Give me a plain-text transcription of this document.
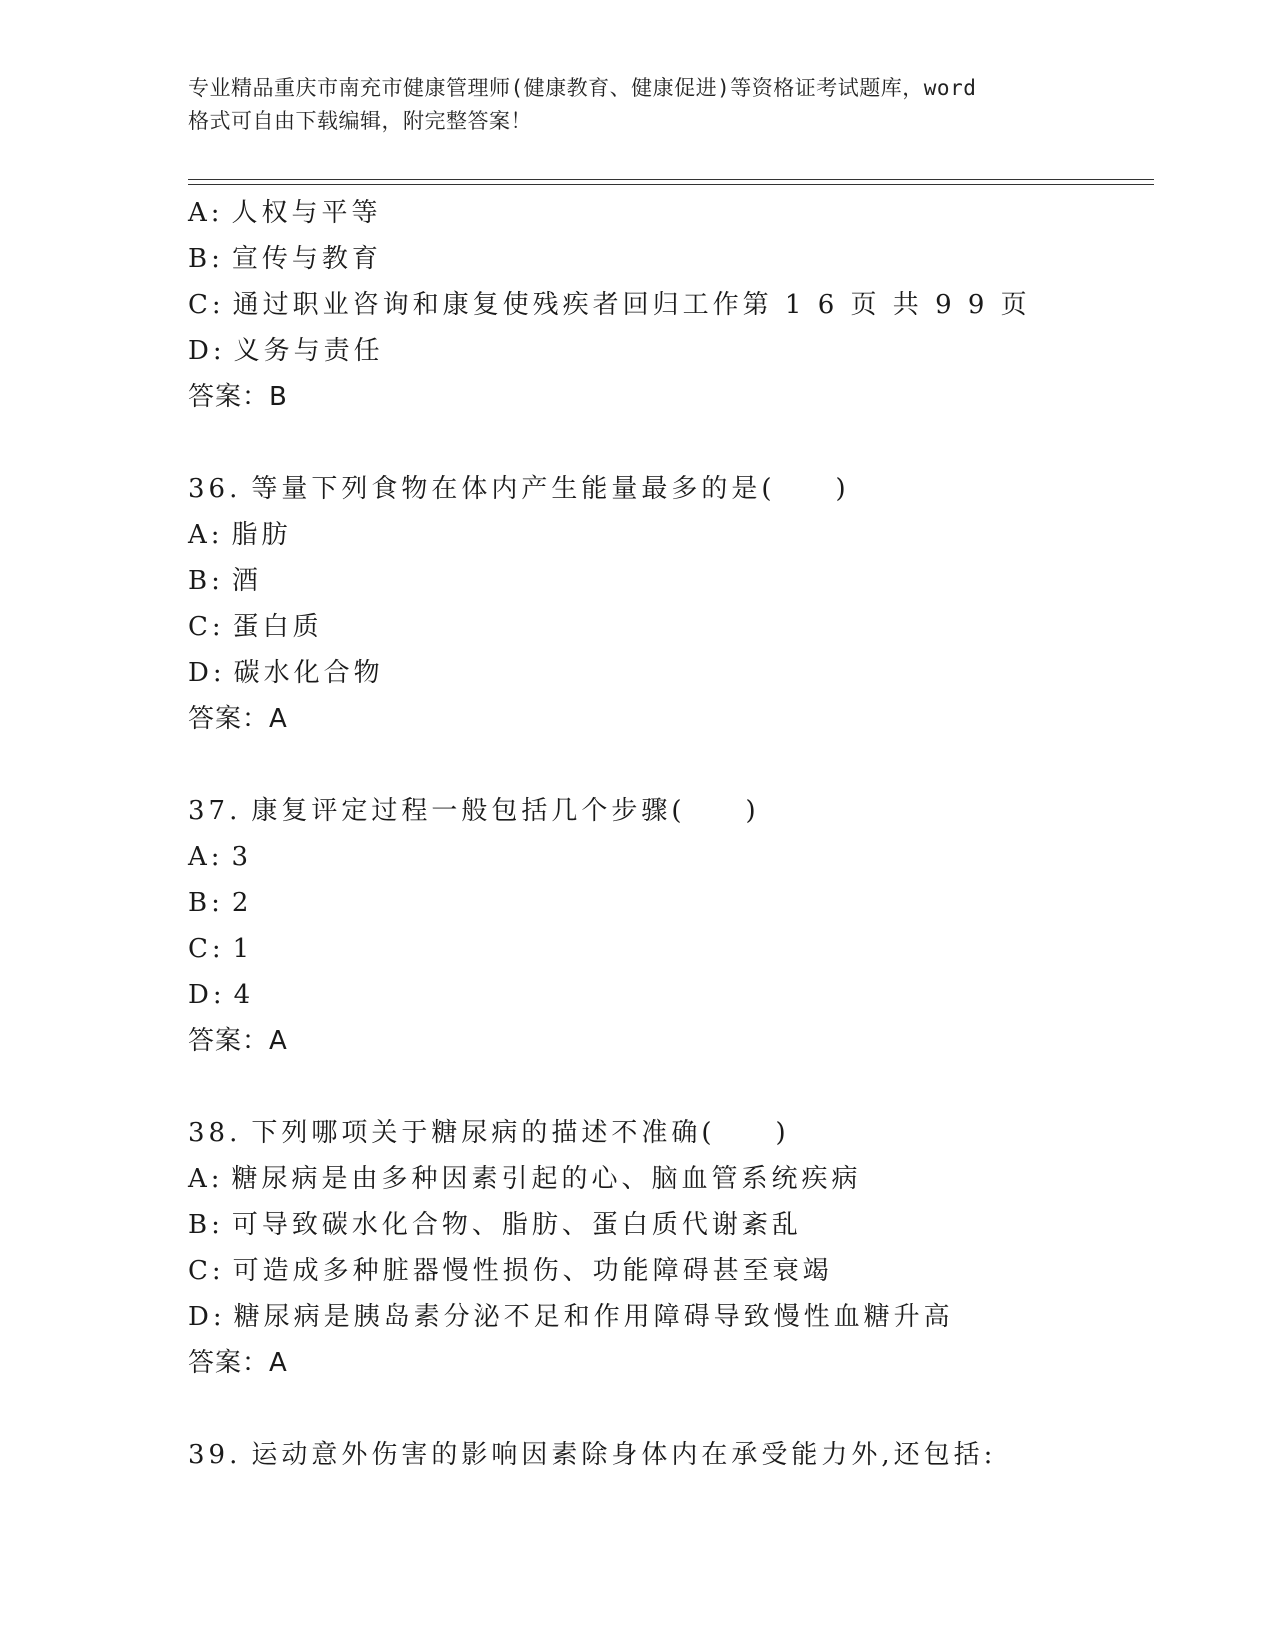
专业精品重庆市南充市健康管理师(健康教育、健康促进)等资格证考试题库，word
格式可自由下载编辑，附完整答案！
A: 人权与平等
B: 宣传与教育
C: 通过职业咨询和康复使残疾者回归工作第 1 6 页 共 9 9 页
D: 义务与责任
答案：B
36. 等量下列食物在体内产生能量最多的是(　　)
A: 脂肪
B: 酒
C: 蛋白质
D: 碳水化合物
答案：A
37. 康复评定过程一般包括几个步骤(　　)
A: 3
B: 2
C: 1
D: 4
答案：A
38. 下列哪项关于糖尿病的描述不准确(　　)
A: 糖尿病是由多种因素引起的心、脑血管系统疾病
B: 可导致碳水化合物、脂肪、蛋白质代谢紊乱
C: 可造成多种脏器慢性损伤、功能障碍甚至衰竭
D: 糖尿病是胰岛素分泌不足和作用障碍导致慢性血糖升高
答案：A
39. 运动意外伤害的影响因素除身体内在承受能力外,还包括:
